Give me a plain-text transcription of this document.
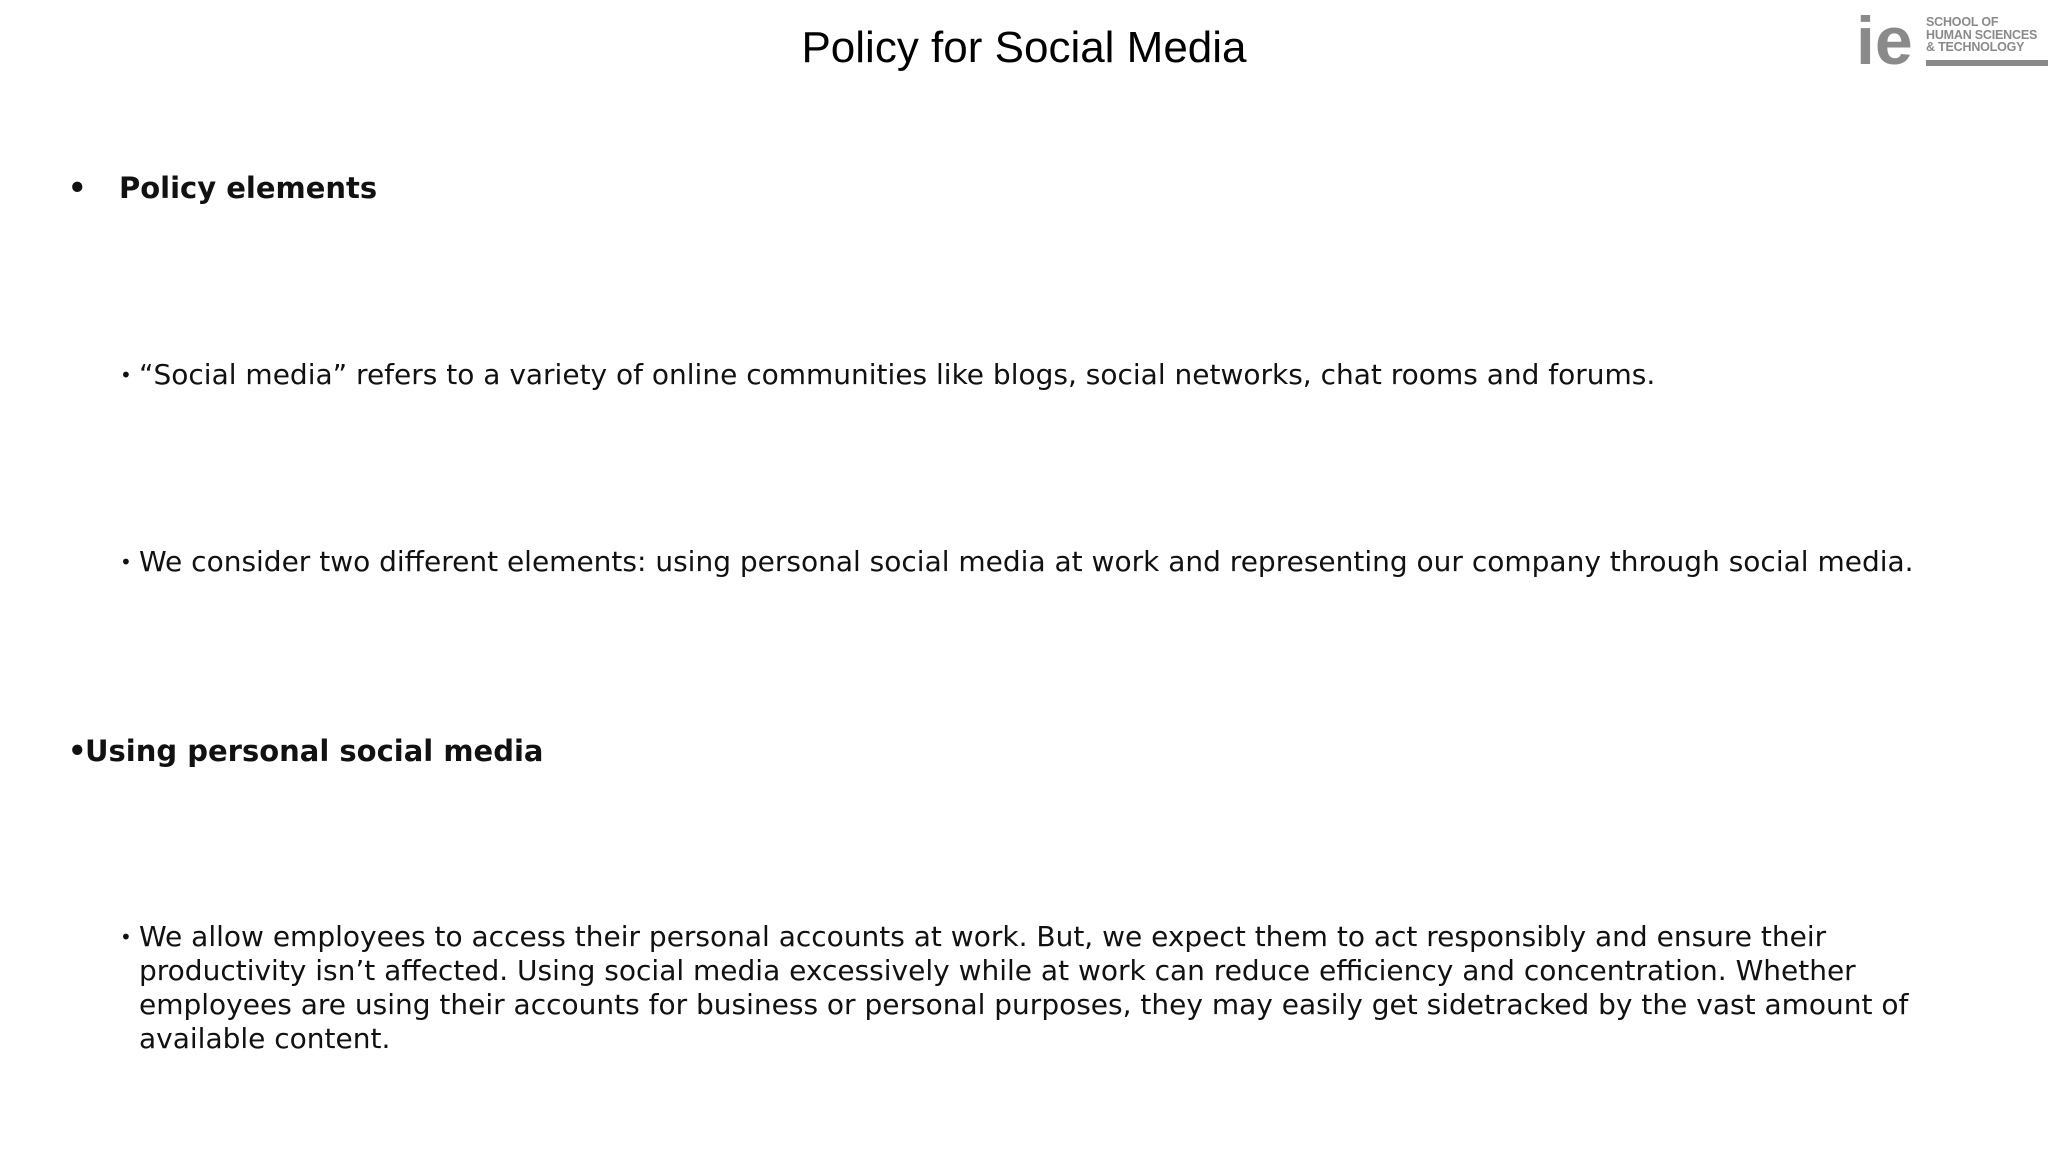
Policy for Social Media	ie SCHOOL OF
HUMAN SCIENCES
& TECHNOLOGY
• Policy elements
• “Social media” refers to a variety of online communities like blogs, social networks, chat rooms and forums.
• We consider two different elements: using personal social media at work and representing our company through social media.
•
Using personal social media
• We allow employees to access their personal accounts at work. But, we expect them to act responsibly and ensure their productivity isn’t affected. Using social media excessively while at work can reduce efficiency and concentration. Whether employees are using their accounts for business or personal purposes, they may easily get sidetracked by the vast amount of available content.
